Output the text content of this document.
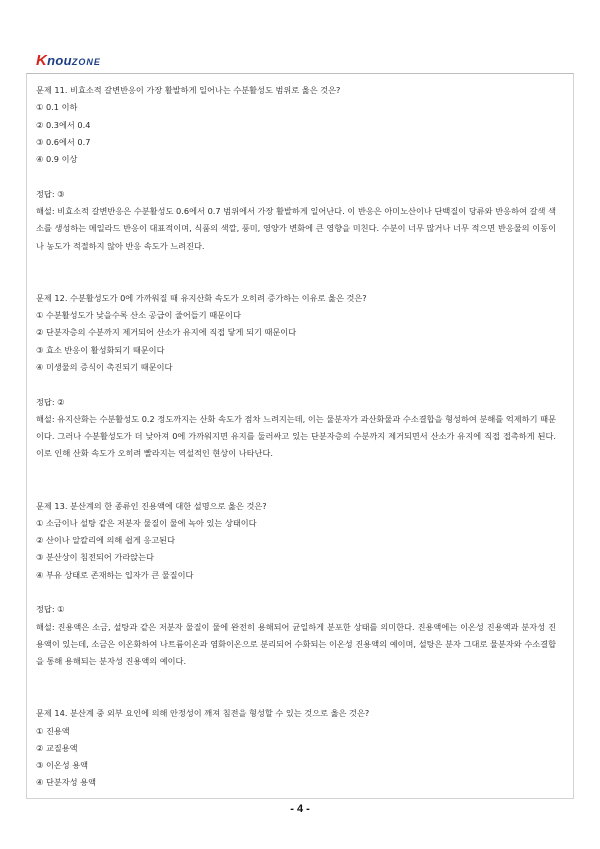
KnouZONE
문제 11. 비효소적 갈변반응이 가장 활발하게 일어나는 수분활성도 범위로 옳은 것은?
① 0.1 이하
② 0.3에서 0.4
③ 0.6에서 0.7
④ 0.9 이상
정답: ③
해설: 비효소적 갈변반응은 수분활성도 0.6에서 0.7 범위에서 가장 활발하게 일어난다. 이 반응은 아미노산이나 단백질이 당류와 반응하여 갈색 색소를 생성하는 메일라드 반응이 대표적이며, 식품의 색깔, 풍미, 영양가 변화에 큰 영향을 미친다. 수분이 너무 많거나 너무 적으면 반응물의 이동이나 농도가 적절하지 않아 반응 속도가 느려진다.
문제 12. 수분활성도가 0에 가까워질 때 유지산화 속도가 오히려 증가하는 이유로 옳은 것은?
① 수분활성도가 낮을수록 산소 공급이 줄어들기 때문이다
② 단분자층의 수분까지 제거되어 산소가 유지에 직접 닿게 되기 때문이다
③ 효소 반응이 활성화되기 때문이다
④ 미생물의 증식이 촉진되기 때문이다
정답: ②
해설: 유지산화는 수분활성도 0.2 정도까지는 산화 속도가 점차 느려지는데, 이는 물분자가 과산화물과 수소결합을 형성하여 분해를 억제하기 때문이다. 그러나 수분활성도가 더 낮아져 0에 가까워지면 유지를 둘러싸고 있는 단분자층의 수분까지 제거되면서 산소가 유지에 직접 접촉하게 된다. 이로 인해 산화 속도가 오히려 빨라지는 역설적인 현상이 나타난다.
문제 13. 분산계의 한 종류인 진용액에 대한 설명으로 옳은 것은?
① 소금이나 설탕 같은 저분자 물질이 물에 녹아 있는 상태이다
② 산이나 알칼리에 의해 쉽게 응고된다
③ 분산상이 침전되어 가라앉는다
④ 부유 상태로 존재하는 입자가 큰 물질이다
정답: ①
해설: 진용액은 소금, 설탕과 같은 저분자 물질이 물에 완전히 용해되어 균일하게 분포한 상태를 의미한다. 진용액에는 이온성 진용액과 분자성 진용액이 있는데, 소금은 이온화하여 나트륨이온과 염화이온으로 분리되어 수화되는 이온성 진용액의 예이며, 설탕은 분자 그대로 물분자와 수소결합을 통해 용해되는 분자성 진용액의 예이다.
문제 14. 분산계 중 외부 요인에 의해 안정성이 깨져 침전을 형성할 수 있는 것으로 옳은 것은?
① 진용액
② 교질용액
③ 이온성 용액
④ 단분자성 용액
- 4 -
